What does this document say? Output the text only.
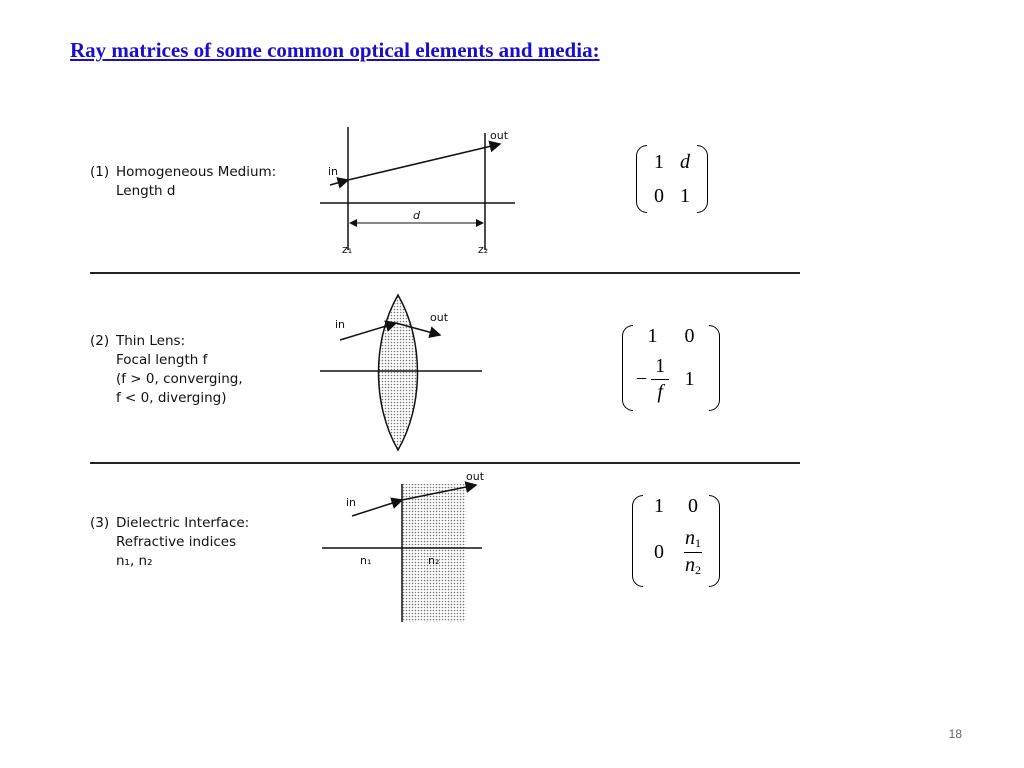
Ray matrices of some common optical elements and media:
(1) Homogeneous Medium:
Length d
in
out
d
z₁	z₂
1 d
0 1
(2) Thin Lens:
Focal length f
(f > 0, converging,
f < 0, diverging)
in
out
1 0
− $\frac{1}{f} 1$
(3) Dielectric Interface:
Refractive indices
n₁, n₂
in
out
n₁	n₂
1 0
$0 \frac{n_1}{n_2}$
18
